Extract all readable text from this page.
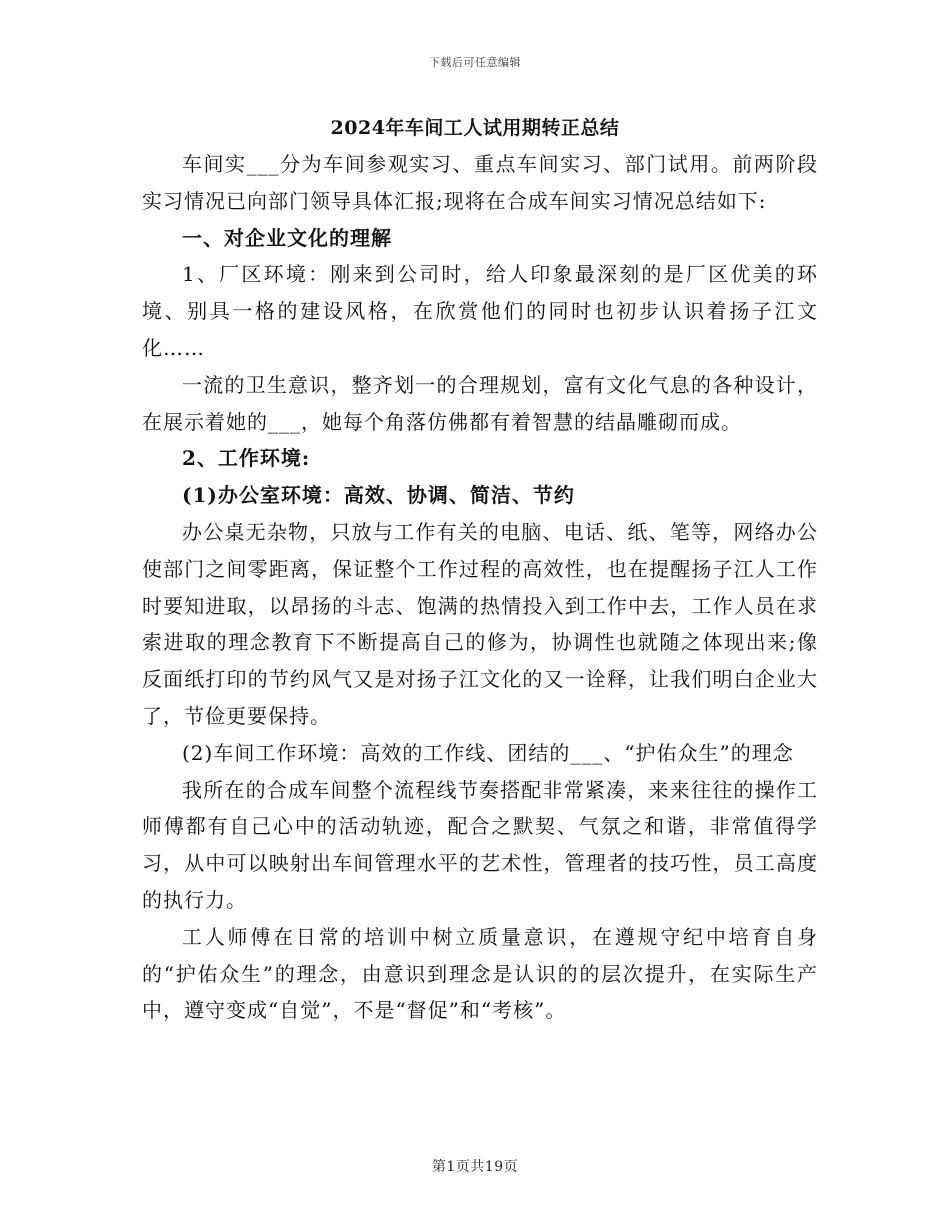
下载后可任意编辑
2024年车间工人试用期转正总结

车间实___分为车间参观实习、重点车间实习、部门试用。前两阶段实习情况已向部门领导具体汇报;现将在合成车间实习情况总结如下:

一、对企业文化的理解

1、厂区环境：刚来到公司时，给人印象最深刻的是厂区优美的环境、别具一格的建设风格，在欣赏他们的同时也初步认识着扬子江文化……

一流的卫生意识，整齐划一的合理规划，富有文化气息的各种设计，在展示着她的___，她每个角落仿佛都有着智慧的结晶雕砌而成。

2、工作环境:

(1)办公室环境：高效、协调、简洁、节约

办公桌无杂物，只放与工作有关的电脑、电话、纸、笔等，网络办公使部门之间零距离，保证整个工作过程的高效性，也在提醒扬子江人工作时要知进取，以昂扬的斗志、饱满的热情投入到工作中去，工作人员在求索进取的理念教育下不断提高自己的修为，协调性也就随之体现出来;像反面纸打印的节约风气又是对扬子江文化的又一诠释，让我们明白企业大了，节俭更要保持。

(2)车间工作环境：高效的工作线、团结的___、“护佑众生”的理念

我所在的合成车间整个流程线节奏搭配非常紧凑，来来往往的操作工师傅都有自己心中的活动轨迹，配合之默契、气氛之和谐，非常值得学习，从中可以映射出车间管理水平的艺术性，管理者的技巧性，员工高度的执行力。

工人师傅在日常的培训中树立质量意识，在遵规守纪中培育自身的“护佑众生”的理念，由意识到理念是认识的的层次提升，在实际生产中，遵守变成“自觉”，不是“督促”和“考核”。

第1页共19页
